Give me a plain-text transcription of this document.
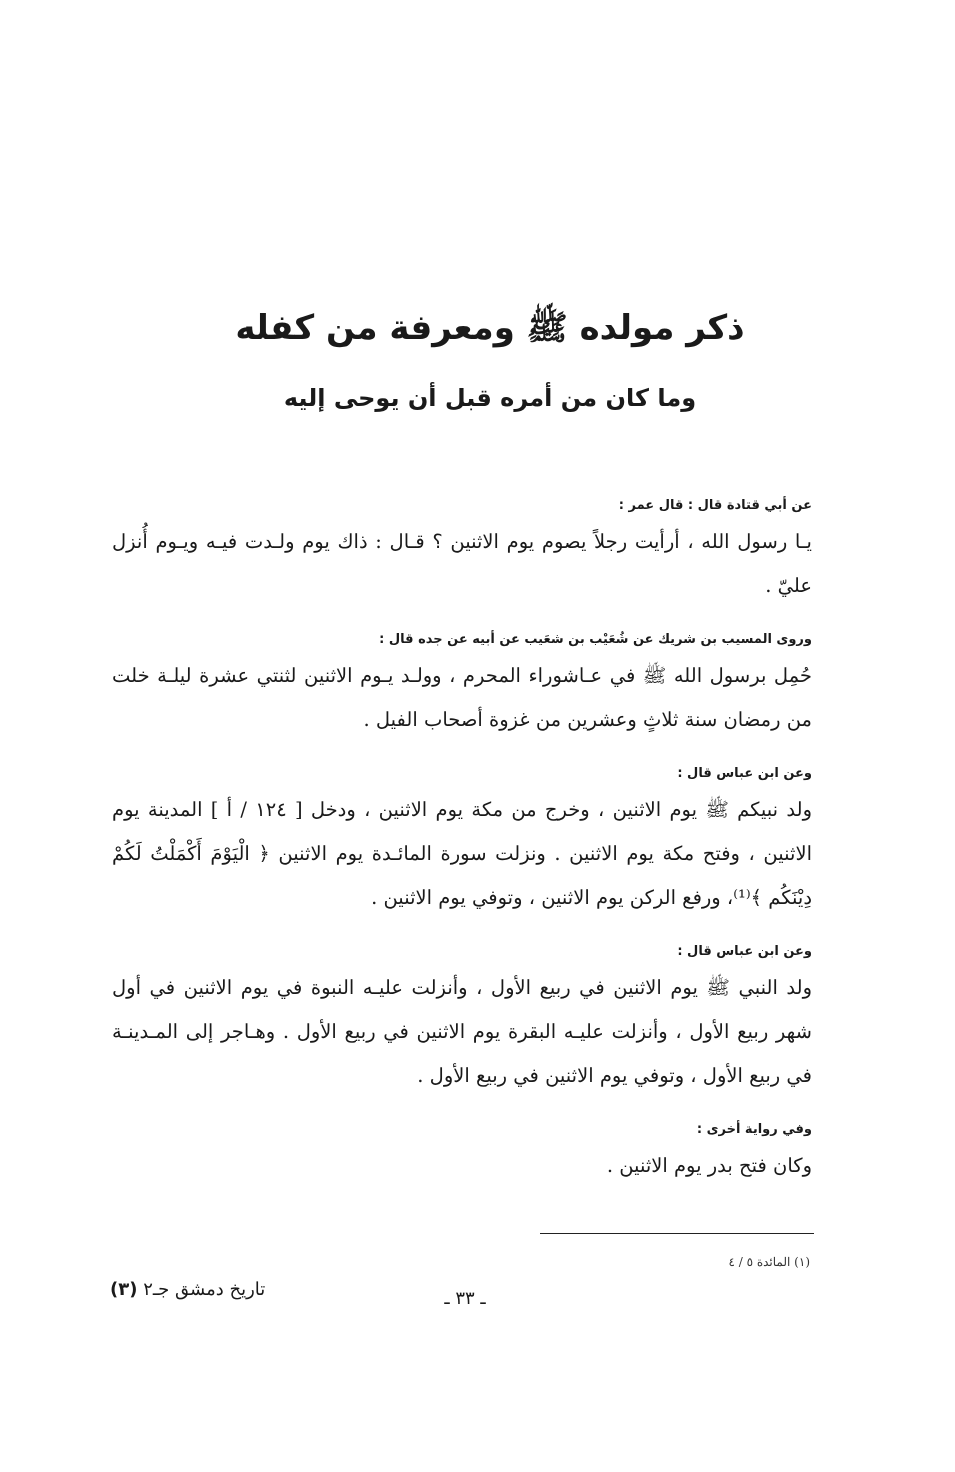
ذكر مولده ﷺ ومعرفة من كفله
وما كان من أمره قبل أن يوحى إليه
عن أبي قتادة قال : قال عمر :
يـا رسول الله ، أرأيت رجلاً يصوم يوم الاثنين ؟ قـال : ذاك يوم ولـدت فيـه ويـوم أُنزل عليّ .
وروى المسيب بن شريك عن شُعَيْب بن شعَيب عن أبيه عن جده قال :
حُمِل برسول الله ﷺ في عـاشوراء المحرم ، وولـد يـوم الاثنين لثنتي عشرة ليلـة خلت من رمضان سنة ثلاثٍ وعشرين من غزوة أصحاب الفيل .
وعن ابن عباس قال :
ولد نبيكم ﷺ يوم الاثنين ، وخرج من مكة يوم الاثنين ، ودخل [ ١٢٤ / أ ] المدينة يوم الاثنين ، وفتح مكة يوم الاثنين . ونزلت سورة المائـدة يوم الاثنين ﴿ الْيَوْمَ أَكْمَلْتُ لَكُمْ دِيْنَكُم ﴾⁽¹⁾، ورفع الركن يوم الاثنين ، وتوفي يوم الاثنين .
وعن ابن عباس قال :
ولد النبي ﷺ يوم الاثنين في ربيع الأول ، وأنزلت عليـه النبوة في يوم الاثنين في أول شهر ربيع الأول ، وأنزلت عليـه البقرة يوم الاثنين في ربيع الأول . وهـاجر إلى المـدينـة في ربيع الأول ، وتوفي يوم الاثنين في ربيع الأول .
وفي رواية أخرى :
وكان فتح بدر يوم الاثنين .
(١) المائدة ٥ / ٤
(٣) تاريخ دمشق جـ٢	ـ ٣٣ ـ
